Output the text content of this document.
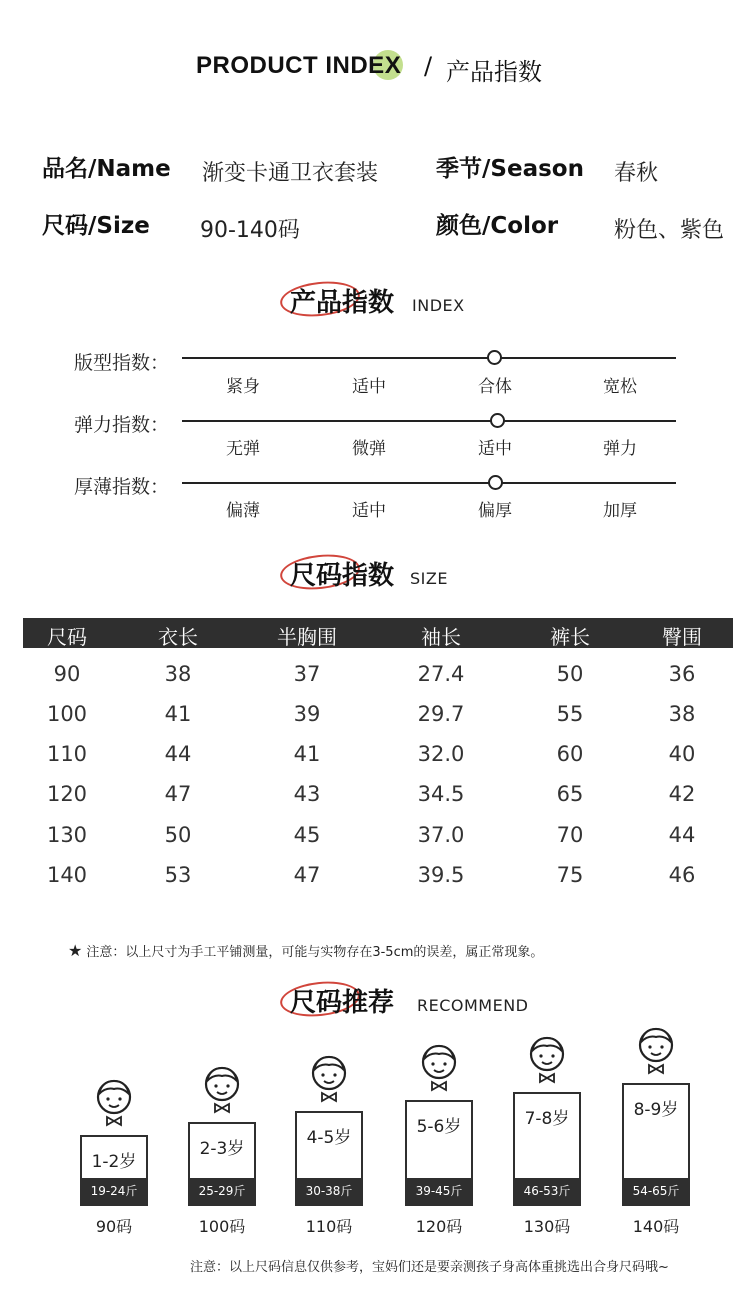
PRODUCT INDEX / 产品指数
品名/Name 渐变卡通卫衣套装	季节/Season 春秋
尺码/Size 90-140码	颜色/Color	粉色、紫色
产品指数 INDEX
版型指数：
紧身	适中	合体	宽松
弹力指数：
无弹	微弹	适中	弹力
厚薄指数：
偏薄	适中	偏厚	加厚
尺码指数 SIZE
尺码	衣长	半胸围	袖长	裤长	臀围
90	38	37	27.4	50	36
100	41	39	29.7	55	38
110	44	41	32.0	60	40
120	47	43	34.5	65	42
130	50	45	37.0	70	44
140	53	47	39.5	75	46
★ 注意：以上尺寸为手工平铺测量，可能与实物存在3-5cm的误差，属正常现象。
尺码推荐 RECOMMEND
1-2岁
19-24斤
90码
2-3岁
25-29斤
100码
4-5岁
30-38斤
110码
5-6岁
39-45斤
120码
7-8岁
46-53斤
130码
8-9岁
54-65斤
140码
注意：以上尺码信息仅供参考，宝妈们还是要亲测孩子身高体重挑选出合身尺码哦~
